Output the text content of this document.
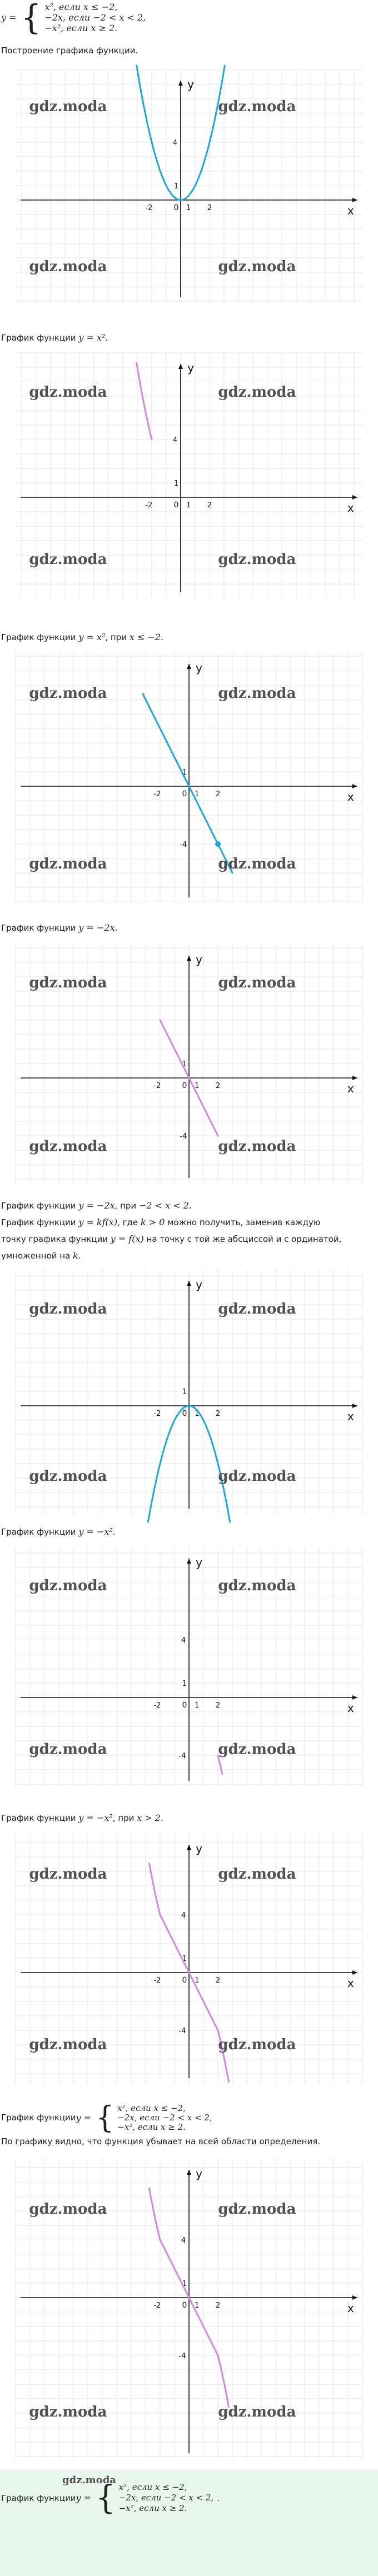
y = { x², если x ≤ −2,
−2x, если −2 < x < 2,
−x², если x ≥ 2.
Построение графика функции.
x
y
0 1 2
-2
1
4
gdz.moda	gdz.moda
gdz.moda	gdz.moda
График функции y = x².
x
y
0 1 2
-2
1
4
gdz.moda	gdz.moda
gdz.moda	gdz.moda
График функции y = x², при x ≤ −2.
x
y
0 1 2
-2
1
-4
gdz.moda	gdz.moda
gdz.moda	gdz.moda
График функции y = −2x.
x
y
0 1 2
-2
1
-4
gdz.moda	gdz.moda
gdz.moda	gdz.moda
График функции y = −2x, при −2 < x < 2.
График функции y = kf(x), где k > 0 можно получить, заменив каждую
точку графика функции y = f(x) на точку с той же абсциссой и с ординатой,
умноженной на k.
x
y
0 1 2
-2
1
gdz.moda	gdz.moda
gdz.moda	gdz.moda
График функции y = −x².
x
y
0 1 2
-2
1
4
-4
gdz.moda	gdz.moda
gdz.moda	gdz.moda
График функции y = −x², при x > 2.
x
y
0 1 2
-2
1
4
-4
gdz.moda	gdz.moda
gdz.moda	gdz.moda
График функции y = { x², если x ≤ −2,
−2x, если −2 < x < 2,
−x², если x ≥ 2.
По графику видно, что функция убывает на всей области определения.
x
y
0 1 2
-2
1
4
-4
gdz.moda	gdz.moda
gdz.moda	gdz.moda
gdz.moda
График функции y = { x², если x ≤ −2,
−2x, если −2 < x < 2,
−x², если x ≥ 2.
.
